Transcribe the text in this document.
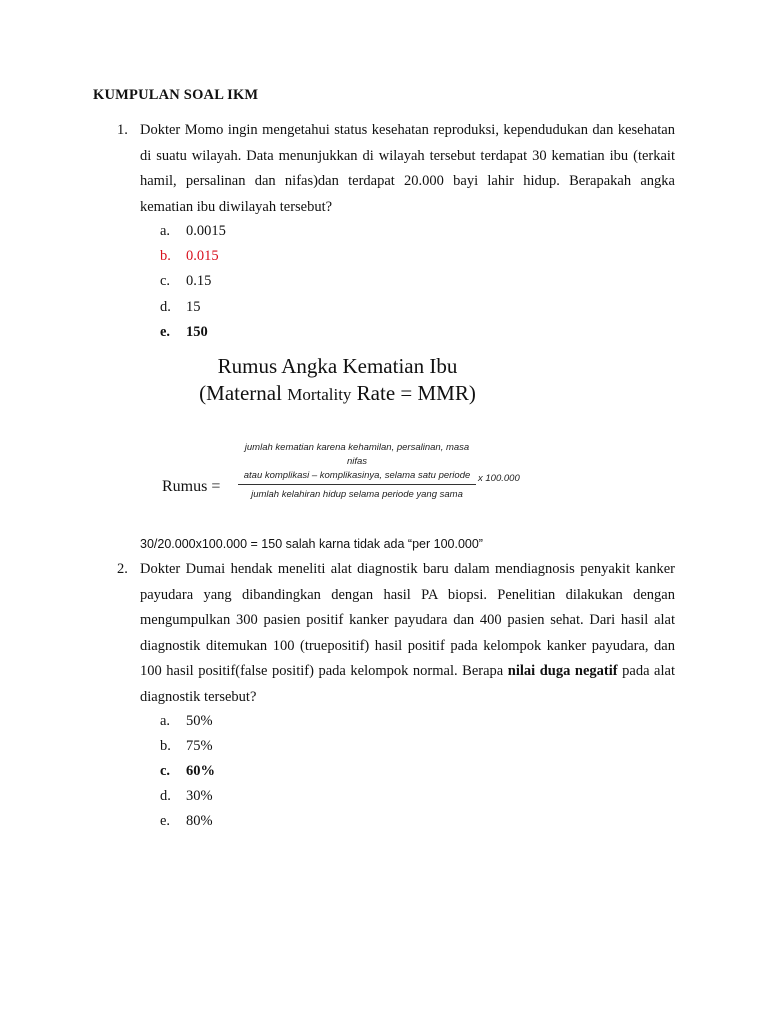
KUMPULAN SOAL IKM
1. Dokter Momo ingin mengetahui status kesehatan reproduksi, kependudukan dan kesehatan di suatu wilayah. Data menunjukkan di wilayah tersebut terdapat 30 kematian ibu (terkait hamil, persalinan dan nifas)dan terdapat 20.000 bayi lahir hidup. Berapakah angka kematian ibu diwilayah tersebut?
a. 0.0015
b. 0.015
c. 0.15
d. 15
e. 150
Rumus Angka Kematian Ibu
(Maternal Mortality Rate = MMR)
Rumus =
jumlah kematian karena kehamilan, persalinan, masa nifas
atau komplikasi – komplikasinya, selama satu periode
jumlah kelahiran hidup selama periode yang sama
x 100.000
30/20.000x100.000 = 150 salah karna tidak ada “per 100.000”
2. Dokter Dumai hendak meneliti alat diagnostik baru dalam mendiagnosis penyakit kanker payudara yang dibandingkan dengan hasil PA biopsi. Penelitian dilakukan dengan mengumpulkan 300 pasien positif kanker payudara dan 400 pasien sehat. Dari hasil alat diagnostik ditemukan 100 (truepositif) hasil positif pada kelompok kanker payudara, dan 100 hasil positif(false positif) pada kelompok normal. Berapa nilai duga negatif pada alat diagnostik tersebut?
a. 50%
b. 75%
c. 60%
d. 30%
e. 80%
